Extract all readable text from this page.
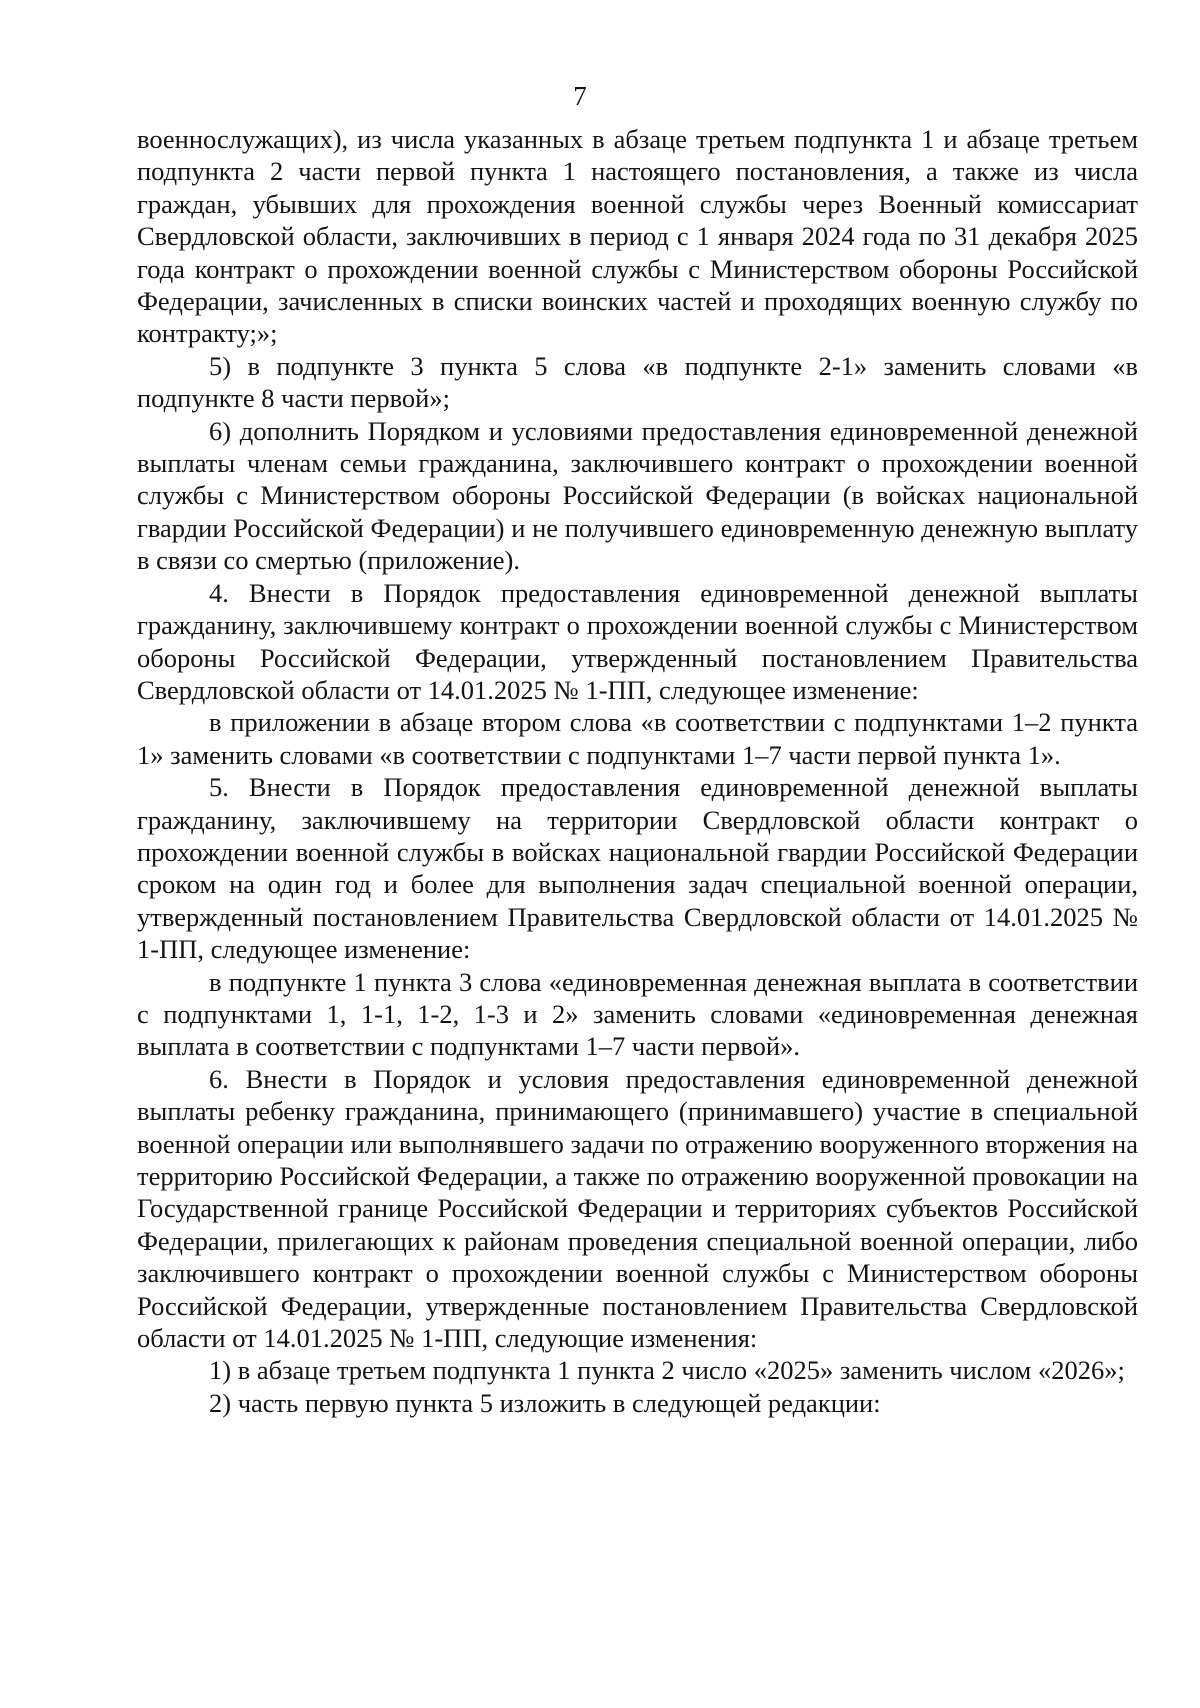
7
военнослужащих), из числа указанных в абзаце третьем подпункта 1 и абзаце третьем подпункта 2 части первой пункта 1 настоящего постановления, а также из числа граждан, убывших для прохождения военной службы через Военный комиссариат Свердловской области, заключивших в период с 1 января 2024 года по 31 декабря 2025 года контракт о прохождении военной службы с Министерством обороны Российской Федерации, зачисленных в списки воинских частей и проходящих военную службу по контракту;»;
5) в подпункте 3 пункта 5 слова «в подпункте 2-1» заменить словами «в подпункте 8 части первой»;
6) дополнить Порядком и условиями предоставления единовременной денежной выплаты членам семьи гражданина, заключившего контракт о прохождении военной службы с Министерством обороны Российской Федерации (в войсках национальной гвардии Российской Федерации) и не получившего единовременную денежную выплату в связи со смертью (приложение).
4. Внести в Порядок предоставления единовременной денежной выплаты гражданину, заключившему контракт о прохождении военной службы с Министерством обороны Российской Федерации, утвержденный постановлением Правительства Свердловской области от 14.01.2025 № 1-ПП, следующее изменение:
в приложении в абзаце втором слова «в соответствии с подпунктами 1–2 пункта 1» заменить словами «в соответствии с подпунктами 1–7 части первой пункта 1».
5. Внести в Порядок предоставления единовременной денежной выплаты гражданину, заключившему на территории Свердловской области контракт о прохождении военной службы в войсках национальной гвардии Российской Федерации сроком на один год и более для выполнения задач специальной военной операции, утвержденный постановлением Правительства Свердловской области от 14.01.2025 № 1-ПП, следующее изменение:
в подпункте 1 пункта 3 слова «единовременная денежная выплата в соответствии с подпунктами 1, 1-1, 1-2, 1-3 и 2» заменить словами «единовременная денежная выплата в соответствии с подпунктами 1–7 части первой».
6. Внести в Порядок и условия предоставления единовременной денежной выплаты ребенку гражданина, принимающего (принимавшего) участие в специальной военной операции или выполнявшего задачи по отражению вооруженного вторжения на территорию Российской Федерации, а также по отражению вооруженной провокации на Государственной границе Российской Федерации и территориях субъектов Российской Федерации, прилегающих к районам проведения специальной военной операции, либо заключившего контракт о прохождении военной службы с Министерством обороны Российской Федерации, утвержденные постановлением Правительства Свердловской области от 14.01.2025 № 1-ПП, следующие изменения:
1) в абзаце третьем подпункта 1 пункта 2 число «2025» заменить числом «2026»;
2) часть первую пункта 5 изложить в следующей редакции:
